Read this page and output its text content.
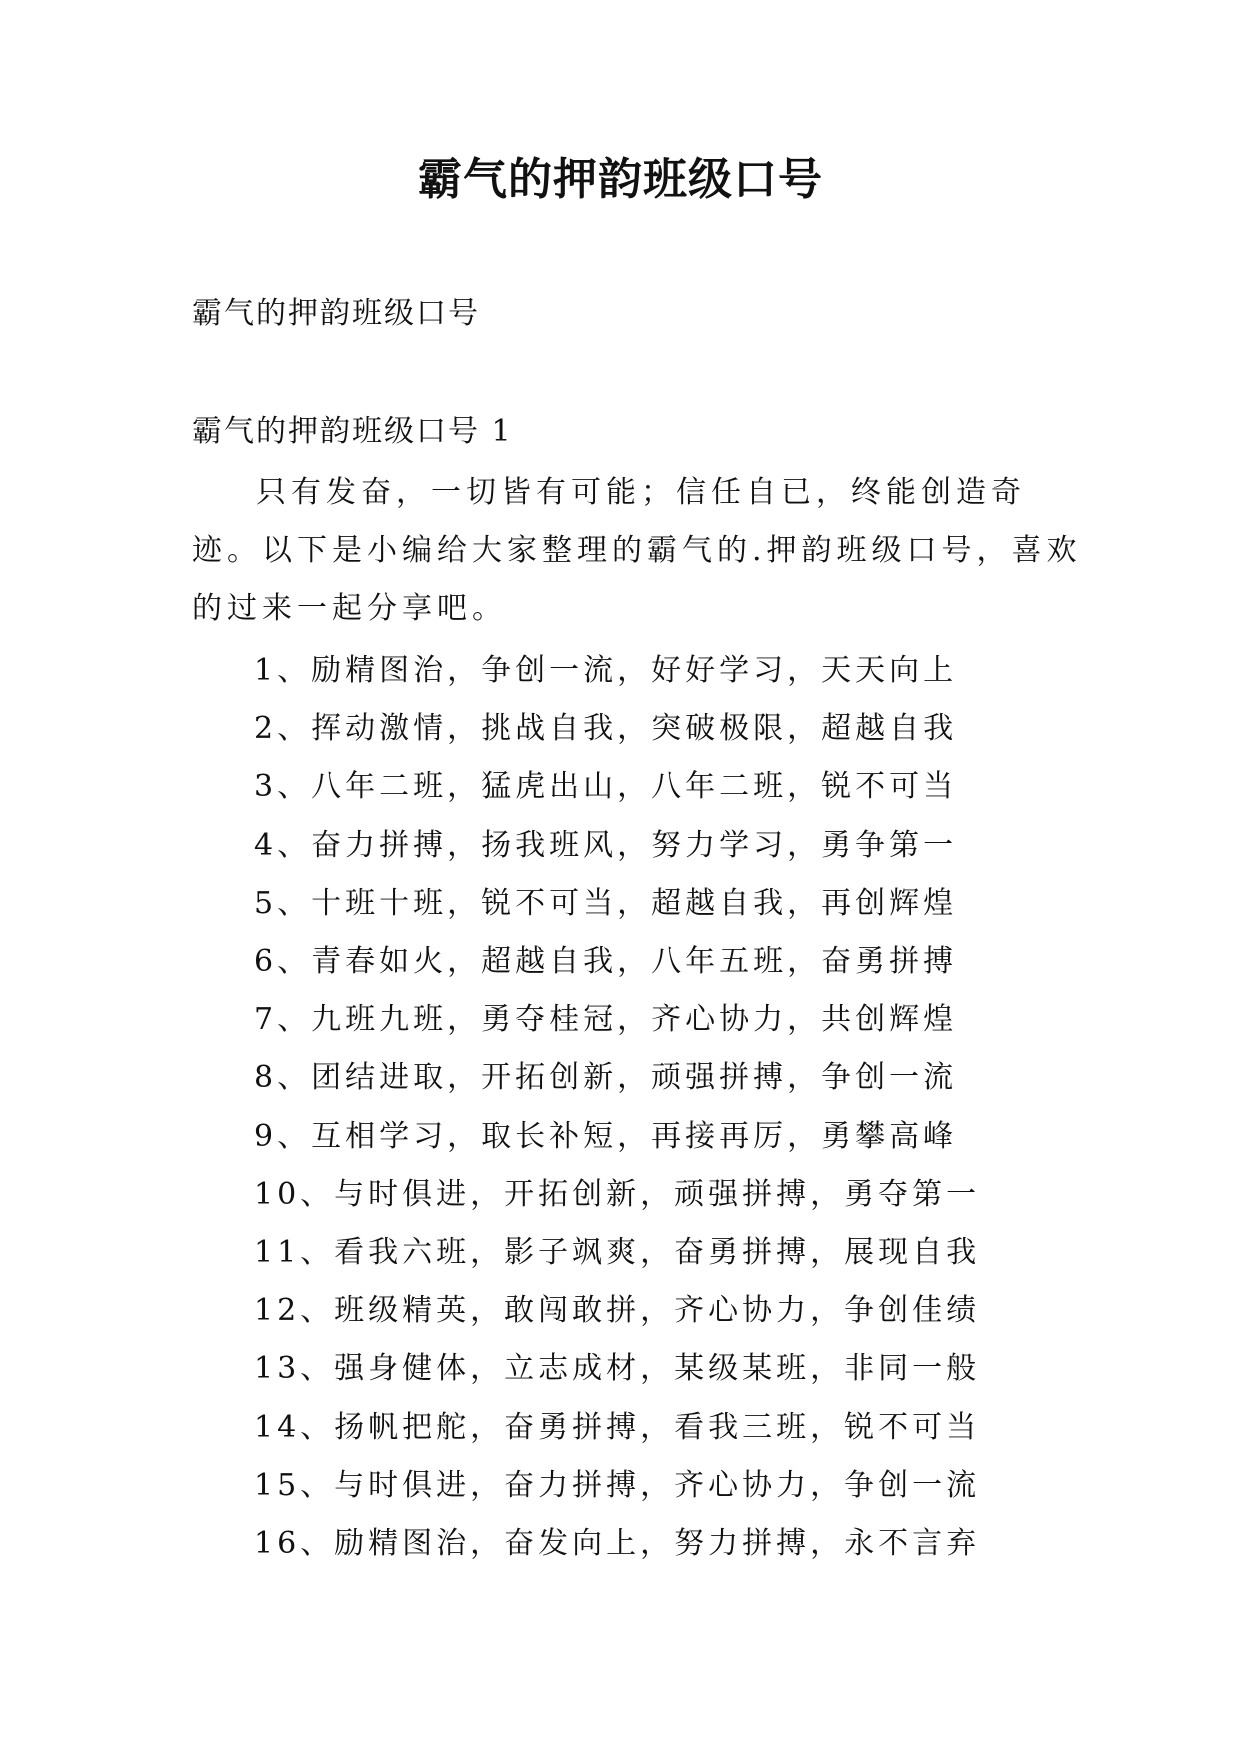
霸气的押韵班级口号
霸气的押韵班级口号
霸气的押韵班级口号 1
只有发奋，一切皆有可能；信任自已，终能创造奇迹。以下是小编给大家整理的霸气的.押韵班级口号，喜欢的过来一起分享吧。
1、励精图治，争创一流，好好学习，天天向上
2、挥动激情，挑战自我，突破极限，超越自我
3、八年二班，猛虎出山，八年二班，锐不可当
4、奋力拼搏，扬我班风，努力学习，勇争第一
5、十班十班，锐不可当，超越自我，再创辉煌
6、青春如火，超越自我，八年五班，奋勇拼搏
7、九班九班，勇夺桂冠，齐心协力，共创辉煌
8、团结进取，开拓创新，顽强拼搏，争创一流
9、互相学习，取长补短，再接再厉，勇攀高峰
10、与时俱进，开拓创新，顽强拼搏，勇夺第一
11、看我六班，影子飒爽，奋勇拼搏，展现自我
12、班级精英，敢闯敢拼，齐心协力，争创佳绩
13、强身健体，立志成材，某级某班，非同一般
14、扬帆把舵，奋勇拼搏，看我三班，锐不可当
15、与时俱进，奋力拼搏，齐心协力，争创一流
16、励精图治，奋发向上，努力拼搏，永不言弃
